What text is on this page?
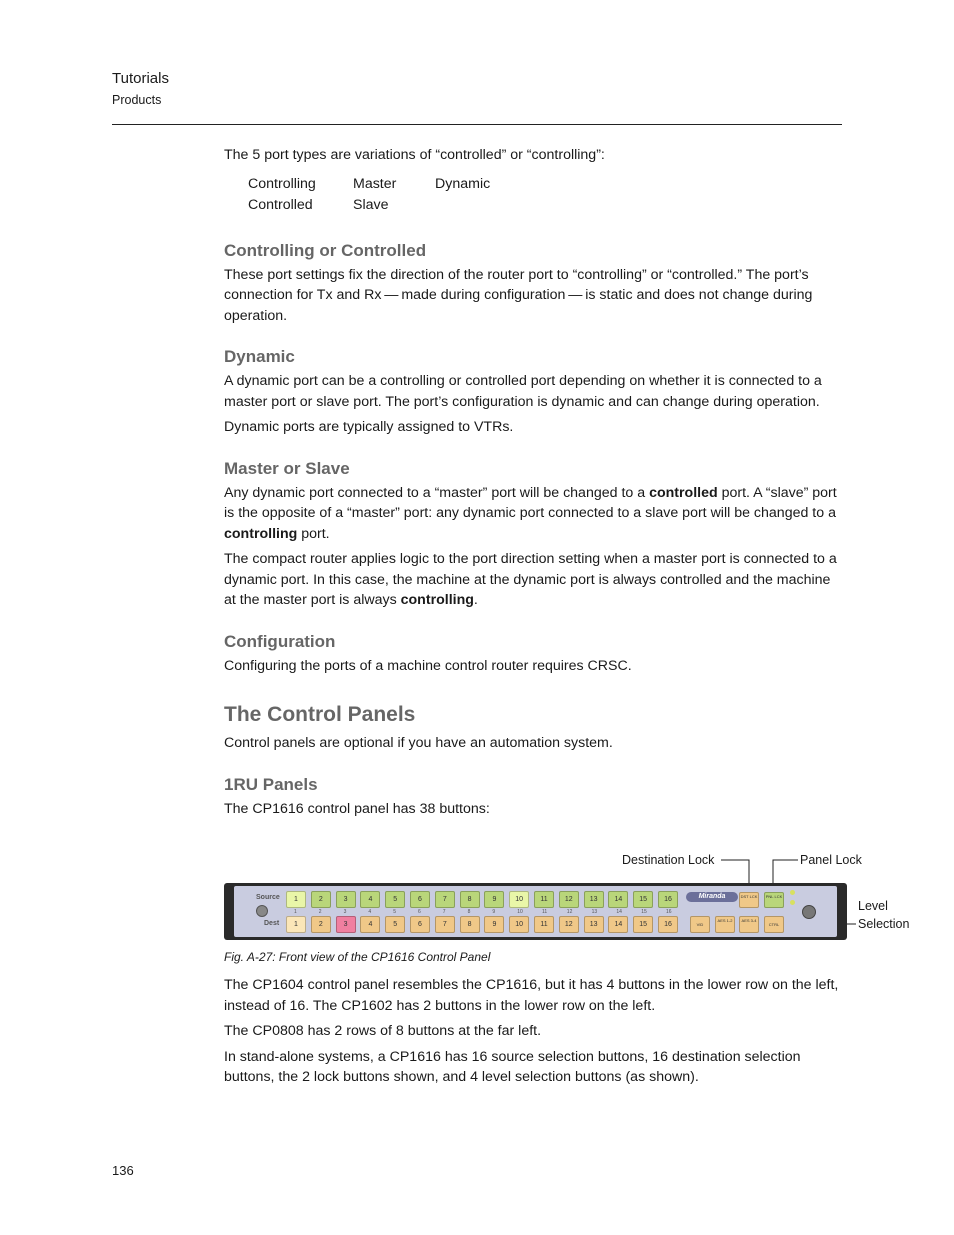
Tutorials
Products

The 5 port types are variations of “controlled” or “controlling”:

Controlling	Master	Dynamic
Controlled	Slave
Controlling or Controlled

These port settings fix the direction of the router port to “controlling” or “controlled.” The port’s connection for Tx and Rx — made during configuration — is static and does not change during operation.

Dynamic

A dynamic port can be a controlling or controlled port depending on whether it is connected to a master port or slave port. The port’s configuration is dynamic and can change during operation.

Dynamic ports are typically assigned to VTRs.

Master or Slave

Any dynamic port connected to a “master” port will be changed to a controlled port. A “slave” port is the opposite of a “master” port: any dynamic port connected to a slave port will be changed to a controlling port.

The compact router applies logic to the port direction setting when a master port is connected to a dynamic port. In this case, the machine at the dynamic port is always controlled and the machine at the master port is always controlling.

Configuration

Configuring the ports of a machine control router requires CRSC.

The Control Panels

Control panels are optional if you have an automation system.

1RU Panels

The CP1616 control panel has 38 buttons:

Destination Lock	Panel Lock
Level
Selection
Source
Dest
1
1
1
2
2
2
3
3
3
4
4
4
5
5
5
6
6
6
7
7
7
8
8
8
9
9
9
10
10
10
11
11
11
12
12
12
13
13
13
14
14
14
15
15
15
16
16
16
Miranda	DST LCK	PNL LCK
VID
AES 1-2	AES 3-4
CTRL
Fig. A-27: Front view of the CP1616 Control Panel

The CP1604 control panel resembles the CP1616, but it has 4 buttons in the lower row on the left, instead of 16. The CP1602 has 2 buttons in the lower row on the left.

The CP0808 has 2 rows of 8 buttons at the far left.

In stand-alone systems, a CP1616 has 16 source selection buttons, 16 destination selection buttons, the 2 lock buttons shown, and 4 level selection buttons (as shown).

136
